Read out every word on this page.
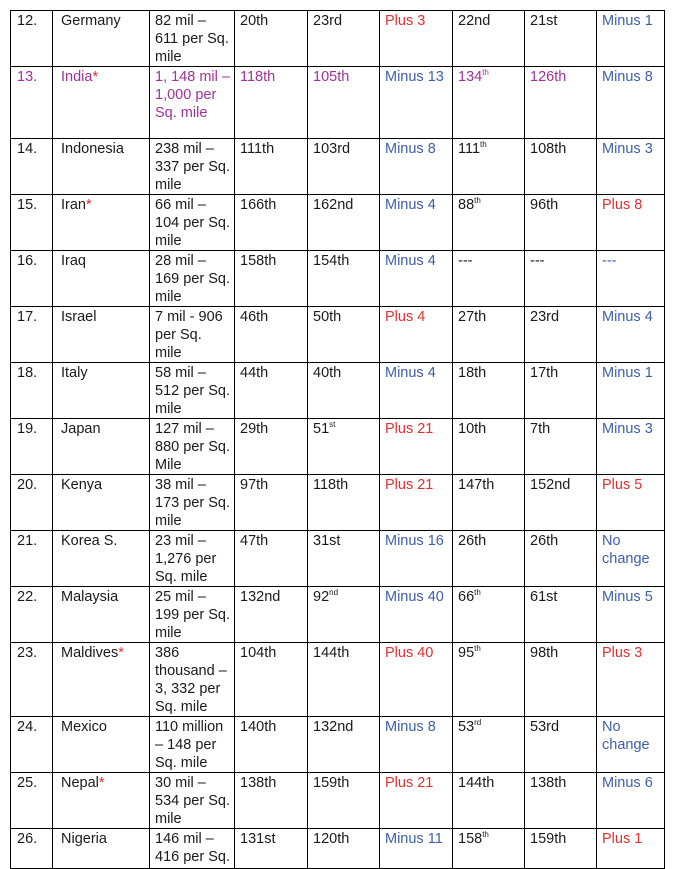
12.	Germany	82 mil – 611 per Sq. mile	20th	23rd	Plus 3	22nd	21st	Minus 1
13.	India*	1, 148 mil – 1,000 per Sq. mile	118th	105th	Minus 13	134th	126th	Minus 8
14.	Indonesia	238 mil – 337 per Sq. mile	111th	103rd	Minus 8	111th	108th	Minus 3
15.	Iran*	66 mil – 104 per Sq. mile	166th	162nd	Minus 4	88th	96th	Plus 8
16.	Iraq	28 mil – 169 per Sq. mile	158th	154th	Minus 4	---	---	---
17.	Israel	7 mil - 906 per Sq. mile	46th	50th	Plus 4	27th	23rd	Minus 4
18.	Italy	58 mil – 512 per Sq. mile	44th	40th	Minus 4	18th	17th	Minus 1
19.	Japan	127 mil – 880 per Sq. Mile	29th	51st	Plus 21	10th	7th	Minus 3
20.	Kenya	38 mil – 173 per Sq. mile	97th	118th	Plus 21	147th	152nd	Plus 5
21.	Korea S.	23 mil – 1,276 per Sq. mile	47th	31st	Minus 16	26th	26th	No change
22.	Malaysia	25 mil – 199 per Sq. mile	132nd	92nd	Minus 40	66th	61st	Minus 5
23.	Maldives*	386 thousand – 3, 332 per Sq. mile	104th	144th	Plus 40	95th	98th	Plus 3
24.	Mexico	110 million – 148 per Sq. mile	140th	132nd	Minus 8	53rd	53rd	No change
25.	Nepal*	30 mil – 534 per Sq. mile	138th	159th	Plus 21	144th	138th	Minus 6
26.	Nigeria	146 mil – 416 per Sq.	131st	120th	Minus 11	158th	159th	Plus 1
